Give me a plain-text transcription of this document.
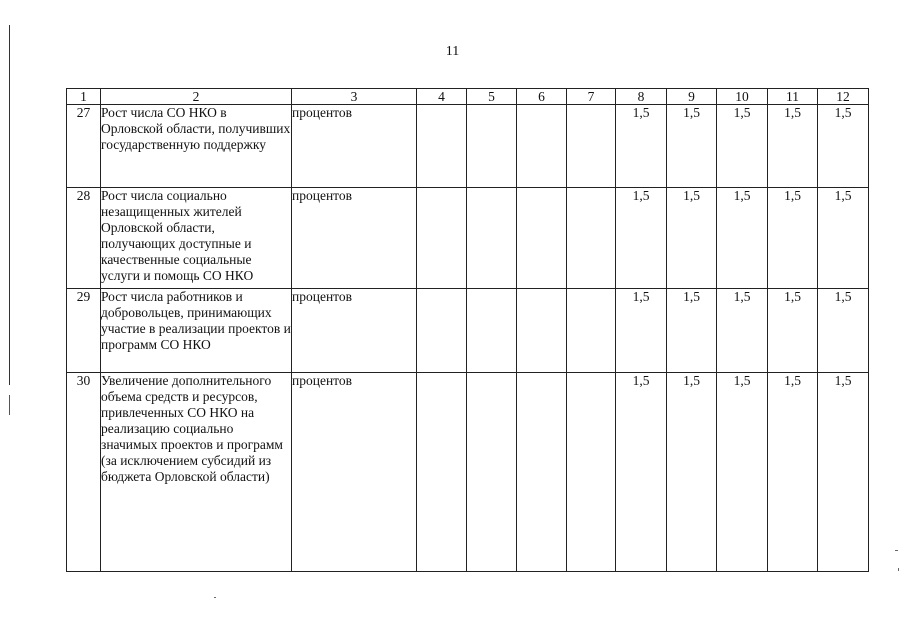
11
1	2	3	4	5	6	7	8	9	10	11	12
27	Рост числа СО НКО в Орловской области, получивших государственную поддержку	процентов					1,5	1,5	1,5	1,5	1,5
28	Рост числа социально незащищенных жителей Орловской области, получающих доступные и качественные социальные услуги и помощь СО НКО	процентов					1,5	1,5	1,5	1,5	1,5
29	Рост числа работников и добровольцев, принимающих участие в реализации проектов и программ СО НКО	процентов					1,5	1,5	1,5	1,5	1,5
30	Увеличение дополнительного объема средств и ресурсов, привлеченных СО НКО на реализацию социально значимых проектов и программ (за исключением субсидий из бюджета Орловской области)	процентов					1,5	1,5	1,5	1,5	1,5
